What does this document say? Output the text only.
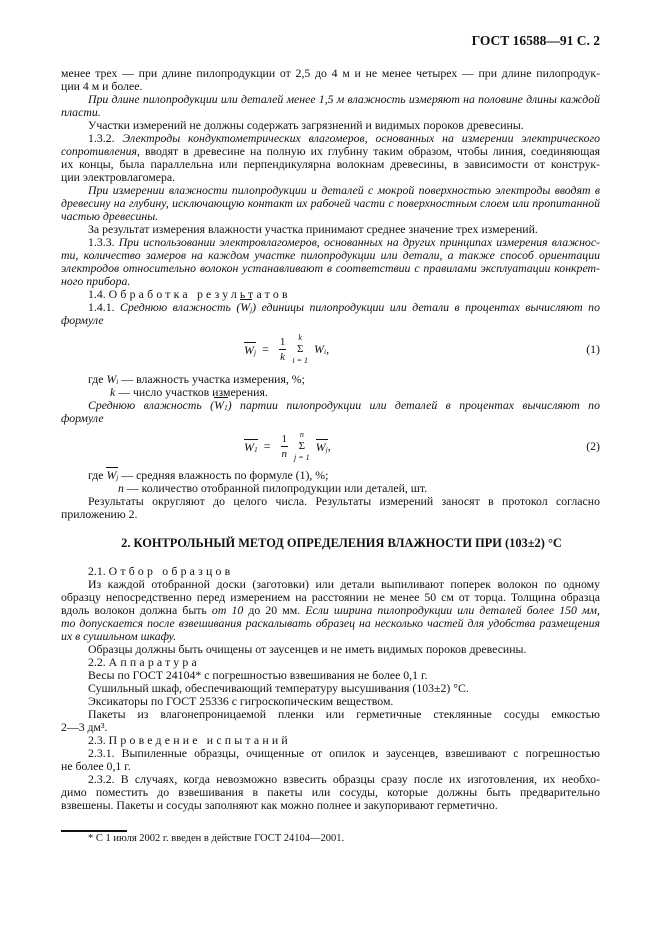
ГОСТ 16588—91 С. 2
менее трех — при длине пилопродукции от 2,5 до 4 м и не менее четырех — при длине пилопродук-
ции 4 м и более.
При длине пилопродукции или деталей менее 1,5 м влажность измеряют на половине длины каждой
пласти.
Участки измерений не должны содержать загрязнений и видимых пороков древесины.
1.3.2. Электроды кондуктометрических влагомеров, основанных на измерении электрического
сопротивления, вводят в древесине на полную их глубину таким образом, чтобы линия, соединяющая
их концы, была параллельна или перпендикулярна волокнам древесины, в зависимости от конструк-
ции электровлагомера.
При измерении влажности пилопродукции и деталей с мокрой поверхностью электроды вводят в
древесину на глубину, исключающую контакт их рабочей части с поверхностным слоем или пропитанной
частью древесины.
За результат измерения влажности участка принимают среднее значение трех измерений.
1.3.3. При использовании электровлагомеров, основанных на других принципах измерения влажнос-
ти, количество замеров на каждом участке пилопродукции или детали, а также способ ориентации
электродов относительно волокон устанавливают в соответствии с правилами эксплуатации конкрет-
ного прибора.
1.4. Обработка результатов
1.4.1. Среднюю влажность $(W_j)$ единицы пилопродукции или детали в процентах вычисляют по
формуле
$W_j = \frac{1}{k}$ k
Σ
i = 1
$W_i$ ,	(1)
где $W_i$ — влажность участка измерения, %;
k — число участков измерения.
Среднюю влажность $(W_1)$ партии пилопродукции или деталей в процентах вычисляют по
формуле
$W_1 = \frac{1}{n}$ n
Σ
j = 1
$W_j$ ,	(2)
где $W_j$ — средняя влажность по формуле (1), %;
n — количество отобранной пилопродукции или деталей, шт.
Результаты округляют до целого числа. Результаты измерений заносят в протокол согласно
приложению 2.
2. КОНТРОЛЬНЫЙ МЕТОД ОПРЕДЕЛЕНИЯ ВЛАЖНОСТИ ПРИ (103±2) °С
2.1. Отбор образцов
Из каждой отобранной доски (заготовки) или детали выпиливают поперек волокон по одному
образцу непосредственно перед измерением на расстоянии не менее 50 см от торца. Толщина образца
вдоль волокон должна быть от 10 до 20 мм. Если ширина пилопродукции или деталей более 150 мм,
то допускается после взвешивания раскалывать образец на несколько частей для удобства размещения
их в сушильном шкафу.
Образцы должны быть очищены от заусенцев и не иметь видимых пороков древесины.
2.2. Аппаратура
Весы по ГОСТ 24104* с погрешностью взвешивания не более 0,1 г.
Сушильный шкаф, обеспечивающий температуру высушивания (103±2) °С.
Эксикаторы по ГОСТ 25336 с гигроскопическим веществом.
Пакеты из влагонепроницаемой пленки или герметичные стеклянные сосуды емкостью
2—3 дм³.
2.3. Проведение испытаний
2.3.1. Выпиленные образцы, очищенные от опилок и заусенцев, взвешивают с погрешностью
не более 0,1 г.
2.3.2. В случаях, когда невозможно взвесить образцы сразу после их изготовления, их необхо-
димо поместить до взвешивания в пакеты или сосуды, которые должны быть предварительно
взвешены. Пакеты и сосуды заполняют как можно полнее и закупоривают герметично.
* С 1 июля 2002 г. введен в действие ГОСТ 24104—2001.
